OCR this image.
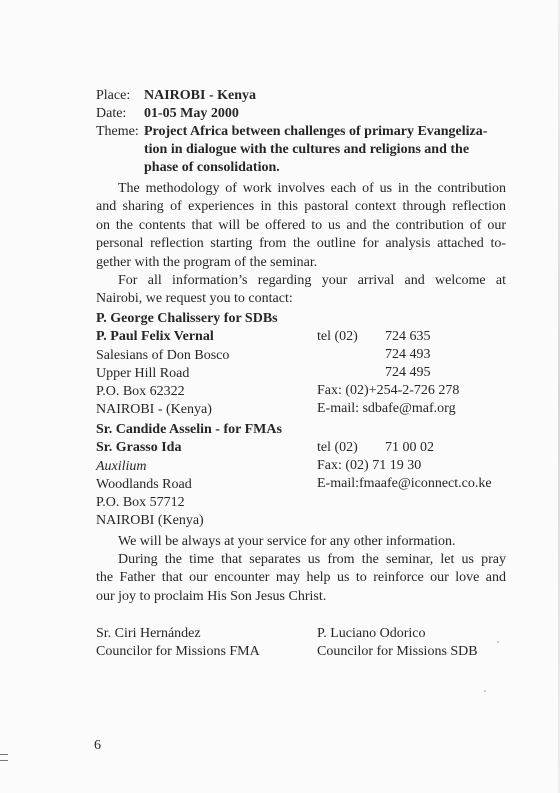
Place: NAIROBI - Kenya
Date: 01-05 May 2000
Theme: Project Africa between challenges of primary Evangeliza-
tion in dialogue with the cultures and religions and the
phase of consolidation.
The methodology of work involves each of us in the contribution
and sharing of experiences in this pastoral context through reflection
on the contents that will be offered to us and the contribution of our
personal reflection starting from the outline for analysis attached to-
gether with the program of the seminar.
For all information’s regarding your arrival and welcome at
Nairobi, we request you to contact:
P. George Chalissery for SDBs
P. Paul Felix Vernal
Salesians of Don Bosco
Upper Hill Road
P.O. Box 62322
NAIROBI - (Kenya)
tel (02) 724 635
724 493
724 495
Fax: (02)+254-2-726 278
E-mail: sdbafe@maf.org
Sr. Candide Asselin - for FMAs
Sr. Grasso Ida
Auxilium
Woodlands Road
P.O. Box 57712
NAIROBI (Kenya)
tel (02) 71 00 02
Fax: (02) 71 19 30
E-mail:fmaafe@iconnect.co.ke
We will be always at your service for any other information.
During the time that separates us from the seminar, let us pray
the Father that our encounter may help us to reinforce our love and
our joy to proclaim His Son Jesus Christ.
Sr. Ciri Hernández
Councilor for Missions FMA
P. Luciano Odorico
Councilor for Missions SDB
6
